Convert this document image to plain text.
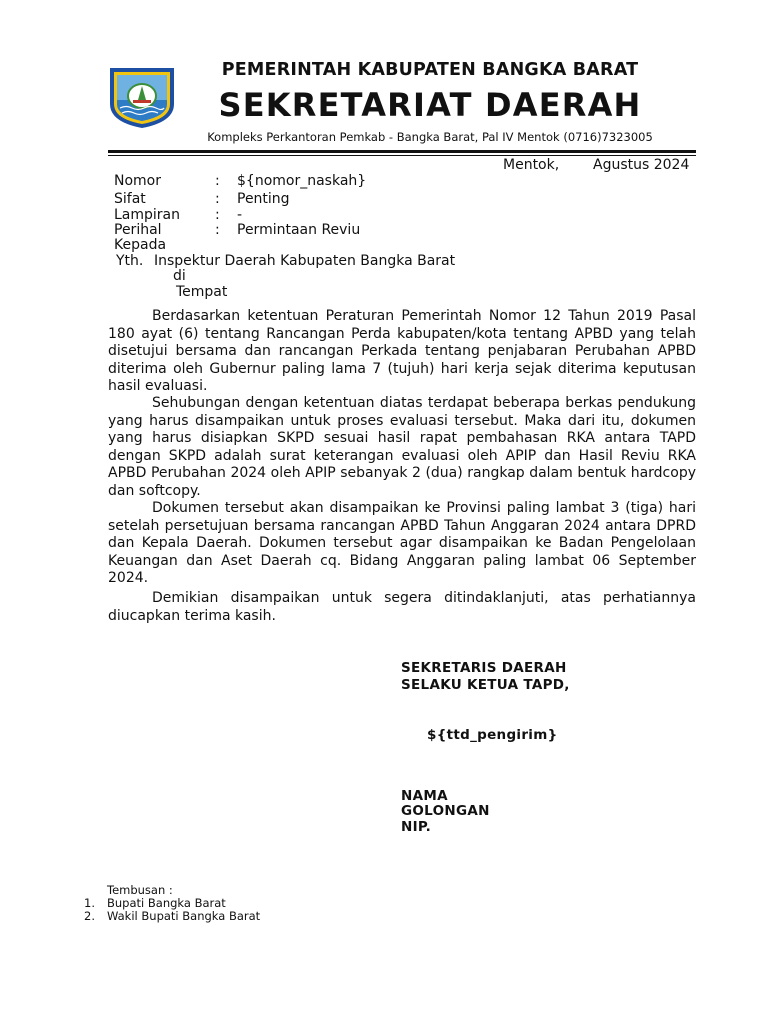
PEMERINTAH KABUPATEN BANGKA BARAT
SEKRETARIAT DAERAH
Kompleks Perkantoran Pemkab - Bangka Barat, Pal IV Mentok (0716)7323005
Mentok, Agustus 2024
Nomor	: ${nomor_naskah}
Sifat	: Penting
Lampiran : -
Perihal	: Permintaan Reviu
Kepada
Yth. Inspektur Daerah Kabupaten Bangka Barat
di
Tempat

Berdasarkan ketentuan Peraturan Pemerintah Nomor 12 Tahun 2019 Pasal 180 ayat (6) tentang Rancangan Perda kabupaten/kota tentang APBD yang telah disetujui bersama dan rancangan Perkada tentang penjabaran Perubahan APBD diterima oleh Gubernur paling lama 7 (tujuh) hari kerja sejak diterima keputusan hasil evaluasi.

Sehubungan dengan ketentuan diatas terdapat beberapa berkas pendukung yang harus disampaikan untuk proses evaluasi tersebut. Maka dari itu, dokumen yang harus disiapkan SKPD sesuai hasil rapat pembahasan RKA antara TAPD dengan SKPD adalah surat keterangan evaluasi oleh APIP dan Hasil Reviu RKA APBD Perubahan 2024 oleh APIP sebanyak 2 (dua) rangkap dalam bentuk hardcopy dan softcopy.

Dokumen tersebut akan disampaikan ke Provinsi paling lambat 3 (tiga) hari setelah persetujuan bersama rancangan APBD Tahun Anggaran 2024 antara DPRD dan Kepala Daerah. Dokumen tersebut agar disampaikan ke Badan Pengelolaan Keuangan dan Aset Daerah cq. Bidang Anggaran paling lambat 06 September 2024.

Demikian disampaikan untuk segera ditindaklanjuti, atas perhatiannya diucapkan terima kasih.

SEKRETARIS DAERAH
SELAKU KETUA TAPD,
${ttd_pengirim}
NAMA
GOLONGAN
NIP.
Tembusan :
1. Bupati Bangka Barat
2. Wakil Bupati Bangka Barat
